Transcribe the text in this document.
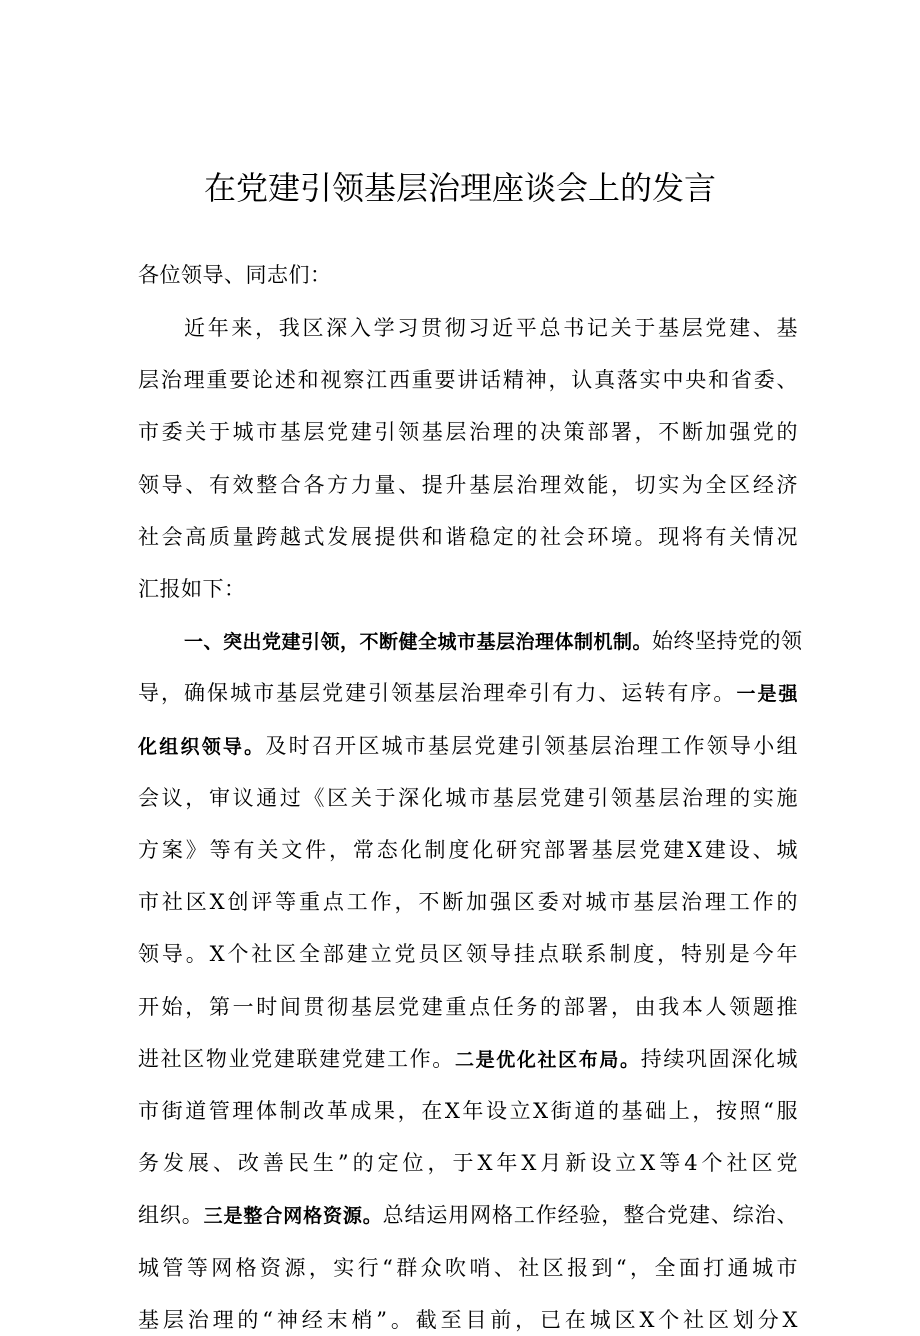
在党建引领基层治理座谈会上的发言
各位领导、同志们：
近年来，我区深入学习贯彻习近平总书记关于基层党建、基
层治理重要论述和视察江西重要讲话精神，认真落实中央和省委、
市委关于城市基层党建引领基层治理的决策部署，不断加强党的
领导、有效整合各方力量、提升基层治理效能，切实为全区经济
社会高质量跨越式发展提供和谐稳定的社会环境。现将有关情况
汇报如下：
一、突出党建引领，不断健全城市基层治理体制机制。始终坚持党的领
导，确保城市基层党建引领基层治理牵引有力、运转有序。一是强
化组织领导。及时召开区城市基层党建引领基层治理工作领导小组
会议，审议通过《区关于深化城市基层党建引领基层治理的实施
方案》等有关文件，常态化制度化研究部署基层党建X建设、城
市社区X创评等重点工作，不断加强区委对城市基层治理工作的
领导。X个社区全部建立党员区领导挂点联系制度，特别是今年
开始，第一时间贯彻基层党建重点任务的部署，由我本人领题推
进社区物业党建联建党建工作。二是优化社区布局。持续巩固深化城
市街道管理体制改革成果，在X年设立X街道的基础上，按照“服
务发展、改善民生”的定位，于X年X月新设立X等4个社区党
组织。三是整合网格资源。总结运用网格工作经验，整合党建、综治、
城管等网格资源，实行“群众吹哨、社区报到“，全面打通城市
基层治理的“神经末梢”。截至目前，已在城区X个社区划分X
